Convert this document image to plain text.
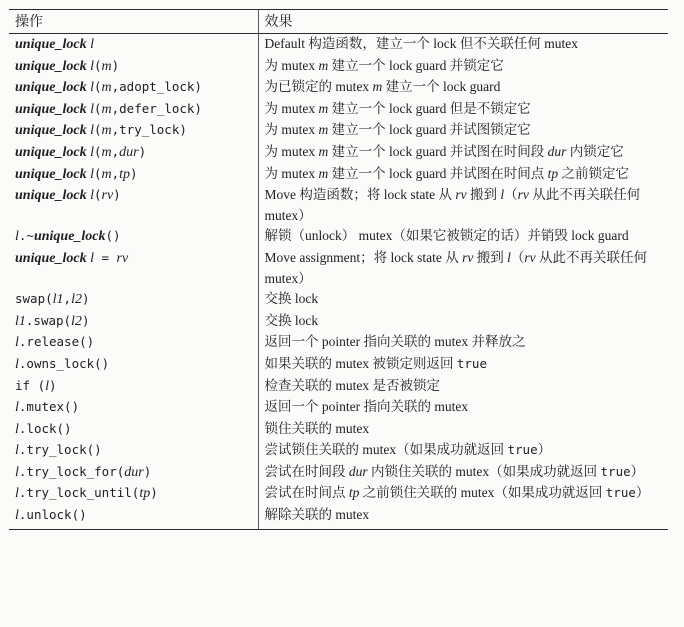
操作	效果
unique_lock l	Default 构造函数，建立一个 lock 但不关联任何 mutex
unique_lock l(m)	为 mutex m 建立一个 lock guard 并锁定它
unique_lock l(m,adopt_lock)	为已锁定的 mutex m 建立一个 lock guard
unique_lock l(m,defer_lock)	为 mutex m 建立一个 lock guard 但是不锁定它
unique_lock l(m,try_lock)	为 mutex m 建立一个 lock guard 并试图锁定它
unique_lock l(m,dur)	为 mutex m 建立一个 lock guard 并试图在时间段 dur 内锁定它
unique_lock l(m,tp)	为 mutex m 建立一个 lock guard 并试图在时间点 tp 之前锁定它
unique_lock l(rv)	Move 构造函数；将 lock state 从 rv 搬到 l（rv 从此不再关联任何 mutex）
l.~unique_lock()	解锁（unlock） mutex（如果它被锁定的话）并销毁 lock guard
unique_lock l = rv	Move assignment；将 lock state 从 rv 搬到 l（rv 从此不再关联任何 mutex）
swap(l1,l2)	交换 lock
l1.swap(l2)	交换 lock
l.release()	返回一个 pointer 指向关联的 mutex 并释放之
l.owns_lock()	如果关联的 mutex 被锁定则返回 true
if (l)	检查关联的 mutex 是否被锁定
l.mutex()	返回一个 pointer 指向关联的 mutex
l.lock()	锁住关联的 mutex
l.try_lock()	尝试锁住关联的 mutex（如果成功就返回 true）
l.try_lock_for(dur)	尝试在时间段 dur 内锁住关联的 mutex（如果成功就返回 true）
l.try_lock_until(tp)	尝试在时间点 tp 之前锁住关联的 mutex（如果成功就返回 true）
l.unlock()	解除关联的 mutex
